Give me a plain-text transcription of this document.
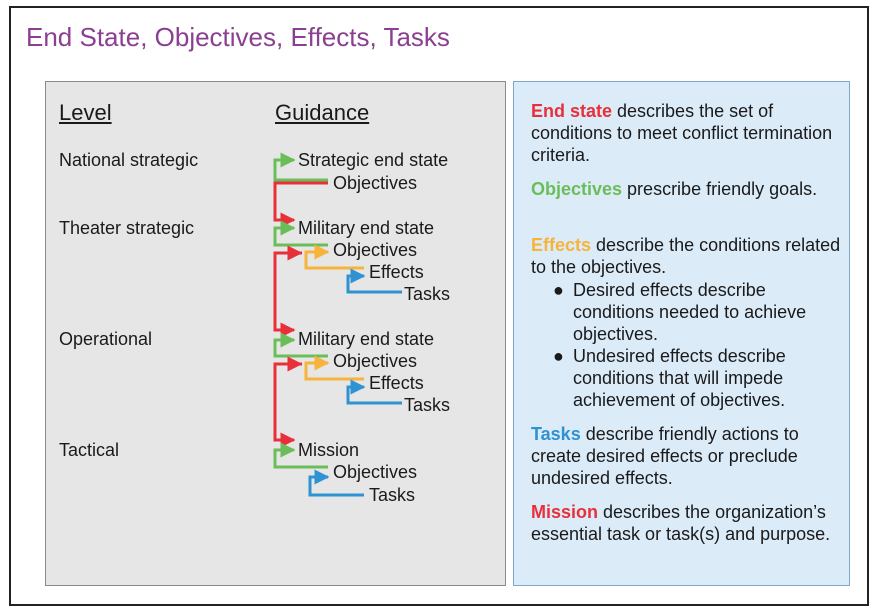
End State, Objectives, Effects, Tasks
Level	Guidance
National strategic
Theater strategic
Operational
Tactical
Strategic end state
Objectives
Military end state
Objectives
Effects
Tasks
Military end state
Objectives
Effects
Tasks
Mission
Objectives
Tasks

End state describes the set of conditions to meet conflict termination criteria.

Objectives prescribe friendly goals.

Effects describe the conditions related to the objectives.

● Desired effects describe conditions needed to achieve objectives.
● Undesired effects describe conditions that will impede achievement of objectives.

Tasks describe friendly actions to create desired effects or preclude undesired effects.

Mission describes the organization’s essential task or task(s) and purpose.
